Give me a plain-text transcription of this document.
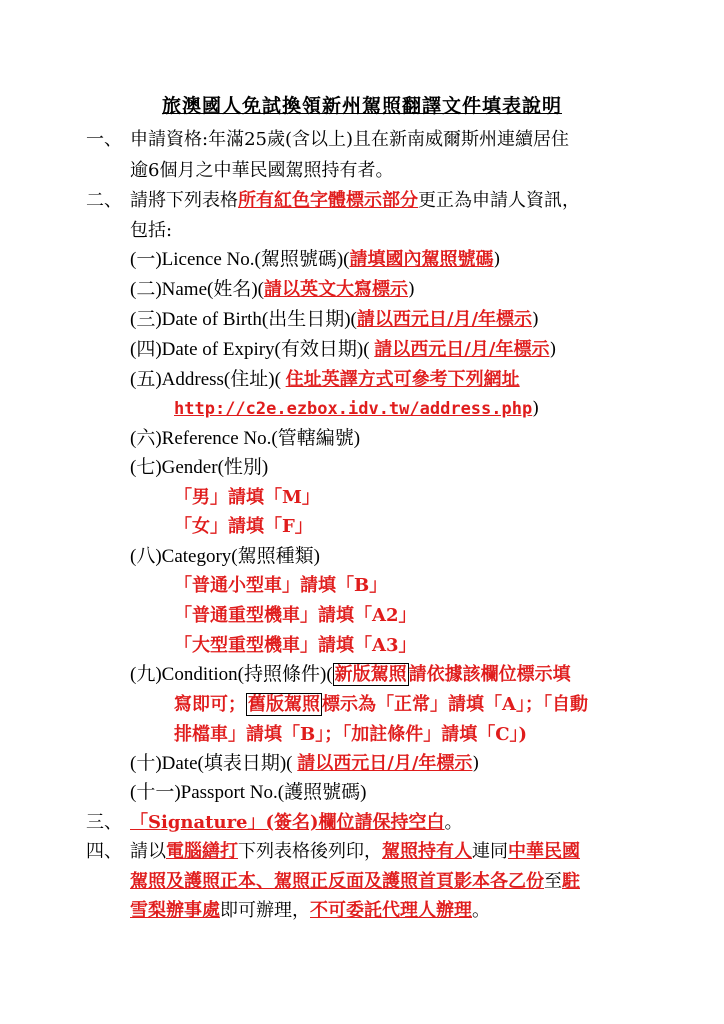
旅澳國人免試換領新州駕照翻譯文件填表說明
一、 申請資格:年滿25歲(含以上)且在新南威爾斯州連續居住
逾6個月之中華民國駕照持有者。
二、 請將下列表格所有紅色字體標示部分更正為申請人資訊，
包括:
(一)Licence No.(駕照號碼)(請填國內駕照號碼)
(二)Name(姓名)(請以英文大寫標示)
(三)Date of Birth(出生日期)(請以西元日/月/年標示)
(四)Date of Expiry(有效日期)( 請以西元日/月/年標示)
(五)Address(住址)( 住址英譯方式可參考下列網址
http://c2e.ezbox.idv.tw/address.php)
(六)Reference No.(管轄編號)
(七)Gender(性別)
「男」請填「M」
「女」請填「F」
(八)Category(駕照種類)
「普通小型車」請填「B」
「普通重型機車」請填「A2」
「大型重型機車」請填「A3」
(九)Condition(持照條件)( 新版駕照 請依據該欄位標示填
寫即可； 舊版駕照 標示為「正常」請填「A」；「自動
排檔車」請填「B」；「加註條件」請填「C」)
(十)Date(填表日期)( 請以西元日/月/年標示)
(十一)Passport No.(護照號碼)
三、 「Signature」(簽名)欄位請保持空白。
四、 請以電腦繕打下列表格後列印，駕照持有人連同中華民國
駕照及護照正本、駕照正反面及護照首頁影本各乙份至駐
雪梨辦事處即可辦理，不可委託代理人辦理。
